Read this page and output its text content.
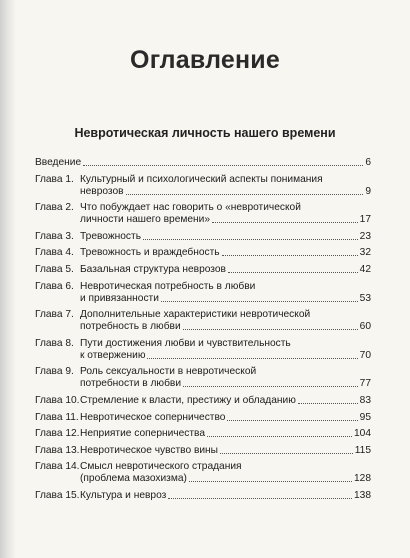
Оглавление
Невротическая личность нашего времени
Введение	6
Глава 1. Культурный и психологический аспекты понимания
неврозов	9
Глава 2. Что побуждает нас говорить о «невротической
личности нашего времени»	17
Глава 3. Тревожность	23
Глава 4. Тревожность и враждебность	32
Глава 5. Базальная структура неврозов	42
Глава 6. Невротическая потребность в любви
и привязанности	53
Глава 7. Дополнительные характеристики невротической
потребность в любви	60
Глава 8. Пути достижения любви и чувствительность
к отвержению	70
Глава 9. Роль сексуальности в невротической
потребности в любви	77
Глава 10. Стремление к власти, престижу и обладанию	83
Глава 11. Невротическое соперничество	95
Глава 12. Неприятие соперничества	104
Глава 13. Невротическое чувство вины	115
Глава 14. Смысл невротического страдания
(проблема мазохизма)	128
Глава 15. Культура и невроз	138
